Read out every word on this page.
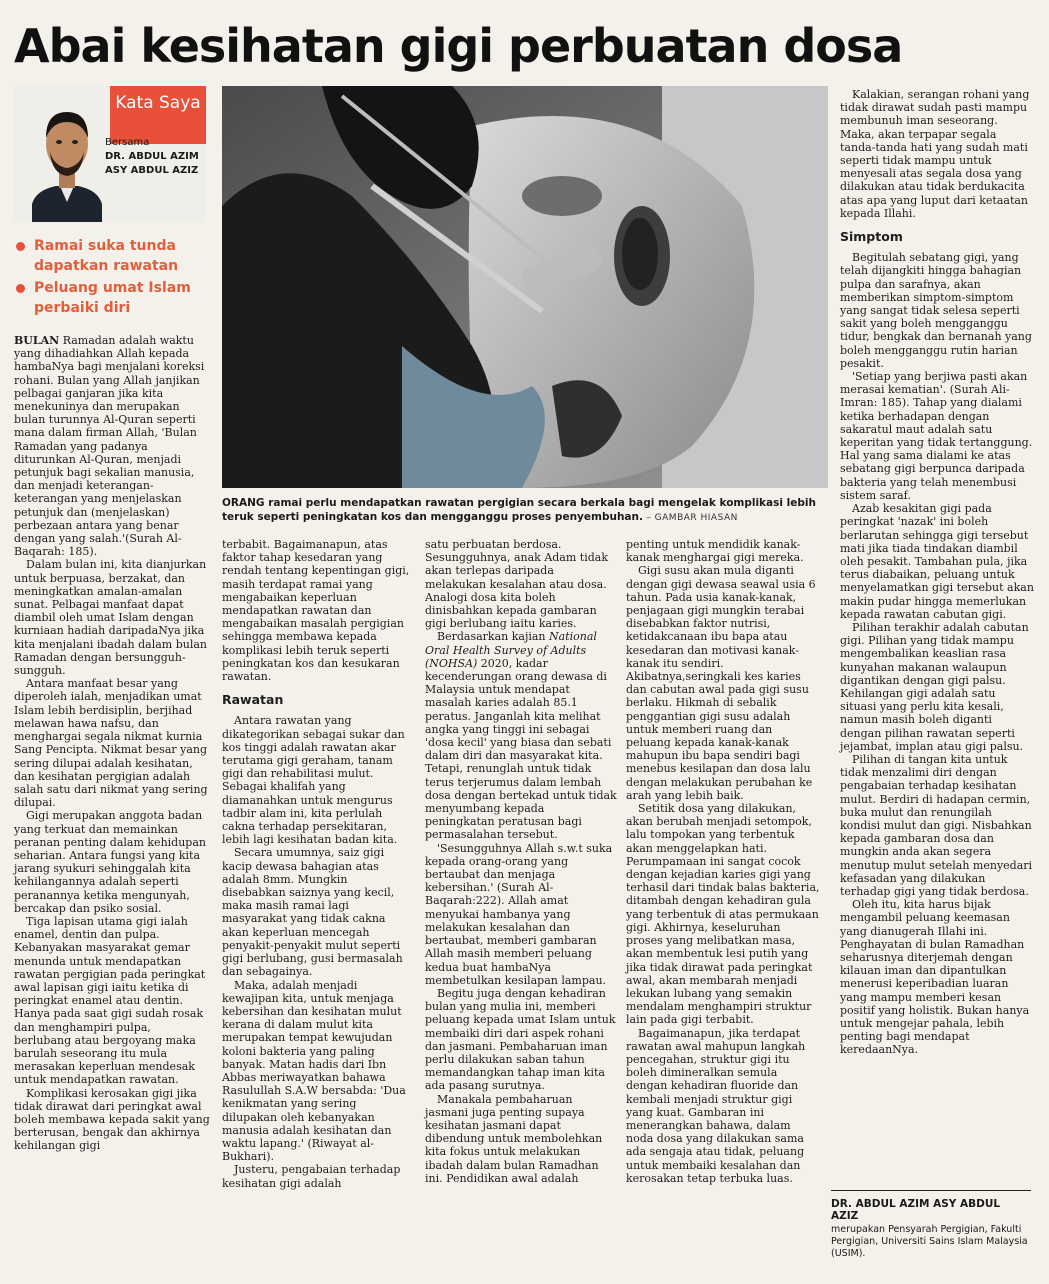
Abai kesihatan gigi perbuatan dosa
Kata Saya
Bersama
DR. ABDUL AZIM ASY ABDUL AZIZ
Ramai suka tunda dapatkan rawatan
Peluang umat Islam perbaiki diri
ORANG ramai perlu mendapatkan rawatan pergigian secara berkala bagi mengelak komplikasi lebih teruk seperti peningkatan kos dan mengganggu proses penyembuhan. – GAMBAR HIASAN

BULAN Ramadan adalah waktu yang dihadiahkan Allah kepada hambaNya bagi menjalani koreksi rohani. Bulan yang Allah janjikan pelbagai ganjaran jika kita menekuninya dan merupakan bulan turunnya Al-Quran seperti mana dalam firman Allah, 'Bulan Ramadan yang padanya diturunkan Al-Quran, menjadi petunjuk bagi sekalian manusia, dan menjadi keterangan-keterangan yang menjelaskan petunjuk dan (menjelaskan) perbezaan antara yang benar dengan yang salah.'(Surah Al- Baqarah: 185).

Dalam bulan ini, kita dianjurkan untuk berpuasa, berzakat, dan meningkatkan amalan-amalan sunat. Pelbagai manfaat dapat diambil oleh umat Islam dengan kurniaan hadiah daripadaNya jika kita menjalani ibadah dalam bulan Ramadan dengan bersungguh-sungguh.

Antara manfaat besar yang diperoleh ialah, menjadikan umat Islam lebih berdisiplin, berjihad melawan hawa nafsu, dan menghargai segala nikmat kurnia Sang Pencipta. Nikmat besar yang sering dilupai adalah kesihatan, dan kesihatan pergigian adalah salah satu dari nikmat yang sering dilupai.

Gigi merupakan anggota badan yang terkuat dan memainkan peranan penting dalam kehidupan seharian. Antara fungsi yang kita jarang syukuri sehinggalah kita kehilangannya adalah seperti peranannya ketika mengunyah, bercakap dan psiko sosial.

Tiga lapisan utama gigi ialah enamel, dentin dan pulpa. Kebanyakan masyarakat gemar menunda untuk mendapatkan rawatan pergigian pada peringkat awal lapisan gigi iaitu ketika di peringkat enamel atau dentin. Hanya pada saat gigi sudah rosak dan menghampiri pulpa, berlubang atau bergoyang maka barulah seseorang itu mula merasakan keperluan mendesak untuk mendapatkan rawatan.

Komplikasi kerosakan gigi jika tidak dirawat dari peringkat awal boleh membawa kepada sakit yang berterusan, bengak dan akhirnya kehilangan gigi

terbabit. Bagaimanapun, atas faktor tahap kesedaran yang rendah tentang kepentingan gigi, masih terdapat ramai yang mengabaikan keperluan mendapatkan rawatan dan mengabaikan masalah pergigian sehingga membawa kepada komplikasi lebih teruk seperti peningkatan kos dan kesukaran rawatan.

Rawatan

Antara rawatan yang dikategorikan sebagai sukar dan kos tinggi adalah rawatan akar terutama gigi geraham, tanam gigi dan rehabilitasi mulut. Sebagai khalifah yang diamanahkan untuk mengurus tadbir alam ini, kita perlulah cakna terhadap persekitaran, lebih lagi kesihatan badan kita.

Secara umumnya, saiz gigi kacip dewasa bahagian atas adalah 8mm. Mungkin disebabkan saiznya yang kecil, maka masih ramai lagi masyarakat yang tidak cakna akan keperluan mencegah penyakit-penyakit mulut seperti gigi berlubang, gusi bermasalah dan sebagainya.

Maka, adalah menjadi kewajipan kita, untuk menjaga kebersihan dan kesihatan mulut kerana di dalam mulut kita merupakan tempat kewujudan koloni bakteria yang paling banyak. Matan hadis dari Ibn Abbas meriwayatkan bahawa Rasulullah S.A.W bersabda: 'Dua kenikmatan yang sering dilupakan oleh kebanyakan manusia adalah kesihatan dan waktu lapang.' (Riwayat al-Bukhari).

Justeru, pengabaian terhadap kesihatan gigi adalah

satu perbuatan berdosa. Sesungguhnya, anak Adam tidak akan terlepas daripada melakukan kesalahan atau dosa. Analogi dosa kita boleh dinisbahkan kepada gambaran gigi berlubang iaitu karies.

Berdasarkan kajian National Oral Health Survey of Adults (NOHSA) 2020, kadar kecenderungan orang dewasa di Malaysia untuk mendapat masalah karies adalah 85.1 peratus. Janganlah kita melihat angka yang tinggi ini sebagai 'dosa kecil' yang biasa dan sebati dalam diri dan masyarakat kita. Tetapi, renunglah untuk tidak terus terjerumus dalam lembah dosa dengan bertekad untuk tidak menyumbang kepada peningkatan peratusan bagi permasalahan tersebut.

'Sesungguhnya Allah s.w.t suka kepada orang-orang yang bertaubat dan menjaga kebersihan.' (Surah Al-Baqarah:222). Allah amat menyukai hambanya yang melakukan kesalahan dan bertaubat, memberi gambaran Allah masih memberi peluang kedua buat hambaNya membetulkan kesilapan lampau.

Begitu juga dengan kehadiran bulan yang mulia ini, memberi peluang kepada umat Islam untuk membaiki diri dari aspek rohani dan jasmani. Pembaharuan iman perlu dilakukan saban tahun memandangkan tahap iman kita ada pasang surutnya.

Manakala pembaharuan jasmani juga penting supaya kesihatan jasmani dapat dibendung untuk membolehkan kita fokus untuk melakukan ibadah dalam bulan Ramadhan ini. Pendidikan awal adalah

penting untuk mendidik kanak-kanak menghargai gigi mereka.

Gigi susu akan mula diganti dengan gigi dewasa seawal usia 6 tahun. Pada usia kanak-kanak, penjagaan gigi mungkin terabai disebabkan faktor nutrisi, ketidakcanaan ibu bapa atau kesedaran dan motivasi kanak-kanak itu sendiri. Akibatnya,seringkali kes karies dan cabutan awal pada gigi susu berlaku. Hikmah di sebalik penggantian gigi susu adalah untuk memberi ruang dan peluang kepada kanak-kanak mahupun ibu bapa sendiri bagi menebus kesilapan dan dosa lalu dengan melakukan perubahan ke arah yang lebih baik.

Setitik dosa yang dilakukan, akan berubah menjadi setompok, lalu tompokan yang terbentuk akan menggelapkan hati. Perumpamaan ini sangat cocok dengan kejadian karies gigi yang terhasil dari tindak balas bakteria, ditambah dengan kehadiran gula yang terbentuk di atas permukaan gigi. Akhirnya, keseluruhan proses yang melibatkan masa, akan membentuk lesi putih yang jika tidak dirawat pada peringkat awal, akan membarah menjadi lekukan lubang yang semakin mendalam menghampiri struktur lain pada gigi terbabit.

Bagaimanapun, jika terdapat rawatan awal mahupun langkah pencegahan, struktur gigi itu boleh dimineralkan semula dengan kehadiran fluoride dan kembali menjadi struktur gigi yang kuat. Gambaran ini menerangkan bahawa, dalam noda dosa yang dilakukan sama ada sengaja atau tidak, peluang untuk membaiki kesalahan dan kerosakan tetap terbuka luas.

Kalakian, serangan rohani yang tidak dirawat sudah pasti mampu membunuh iman seseorang. Maka, akan terpapar segala tanda-tanda hati yang sudah mati seperti tidak mampu untuk menyesali atas segala dosa yang dilakukan atau tidak berdukacita atas apa yang luput dari ketaatan kepada Illahi.

Simptom

Begitulah sebatang gigi, yang telah dijangkiti hingga bahagian pulpa dan sarafnya, akan memberikan simptom-simptom yang sangat tidak selesa seperti sakit yang boleh mengganggu tidur, bengkak dan bernanah yang boleh mengganggu rutin harian pesakit.

'Setiap yang berjiwa pasti akan merasai kematian'. (Surah Ali-Imran: 185). Tahap yang dialami ketika berhadapan dengan sakaratul maut adalah satu keperitan yang tidak tertanggung. Hal yang sama dialami ke atas sebatang gigi berpunca daripada bakteria yang telah menembusi sistem saraf.

Azab kesakitan gigi pada peringkat 'nazak' ini boleh berlarutan sehingga gigi tersebut mati jika tiada tindakan diambil oleh pesakit. Tambahan pula, jika terus diabaikan, peluang untuk menyelamatkan gigi tersebut akan makin pudar hingga memerlukan kepada rawatan cabutan gigi.

Pilihan terakhir adalah cabutan gigi. Pilihan yang tidak mampu mengembalikan keaslian rasa kunyahan makanan walaupun digantikan dengan gigi palsu. Kehilangan gigi adalah satu situasi yang perlu kita kesali, namun masih boleh diganti dengan pilihan rawatan seperti jejambat, implan atau gigi palsu.

Pilihan di tangan kita untuk tidak menzalimi diri dengan pengabaian terhadap kesihatan mulut. Berdiri di hadapan cermin, buka mulut dan renungilah kondisi mulut dan gigi. Nisbahkan kepada gambaran dosa dan mungkin anda akan segera menutup mulut setelah menyedari kefasadan yang dilakukan terhadap gigi yang tidak berdosa.

Oleh itu, kita harus bijak mengambil peluang keemasan yang dianugerah Illahi ini. Penghayatan di bulan Ramadhan seharusnya diterjemah dengan kilauan iman dan dipantulkan menerusi keperibadian luaran yang mampu memberi kesan positif yang holistik. Bukan hanya untuk mengejar pahala, lebih penting bagi mendapat keredaanNya.

DR. ABDUL AZIM ASY ABDUL AZIZ
merupakan Pensyarah Pergigian, Fakulti Pergigian, Universiti Sains Islam Malaysia (USIM).
